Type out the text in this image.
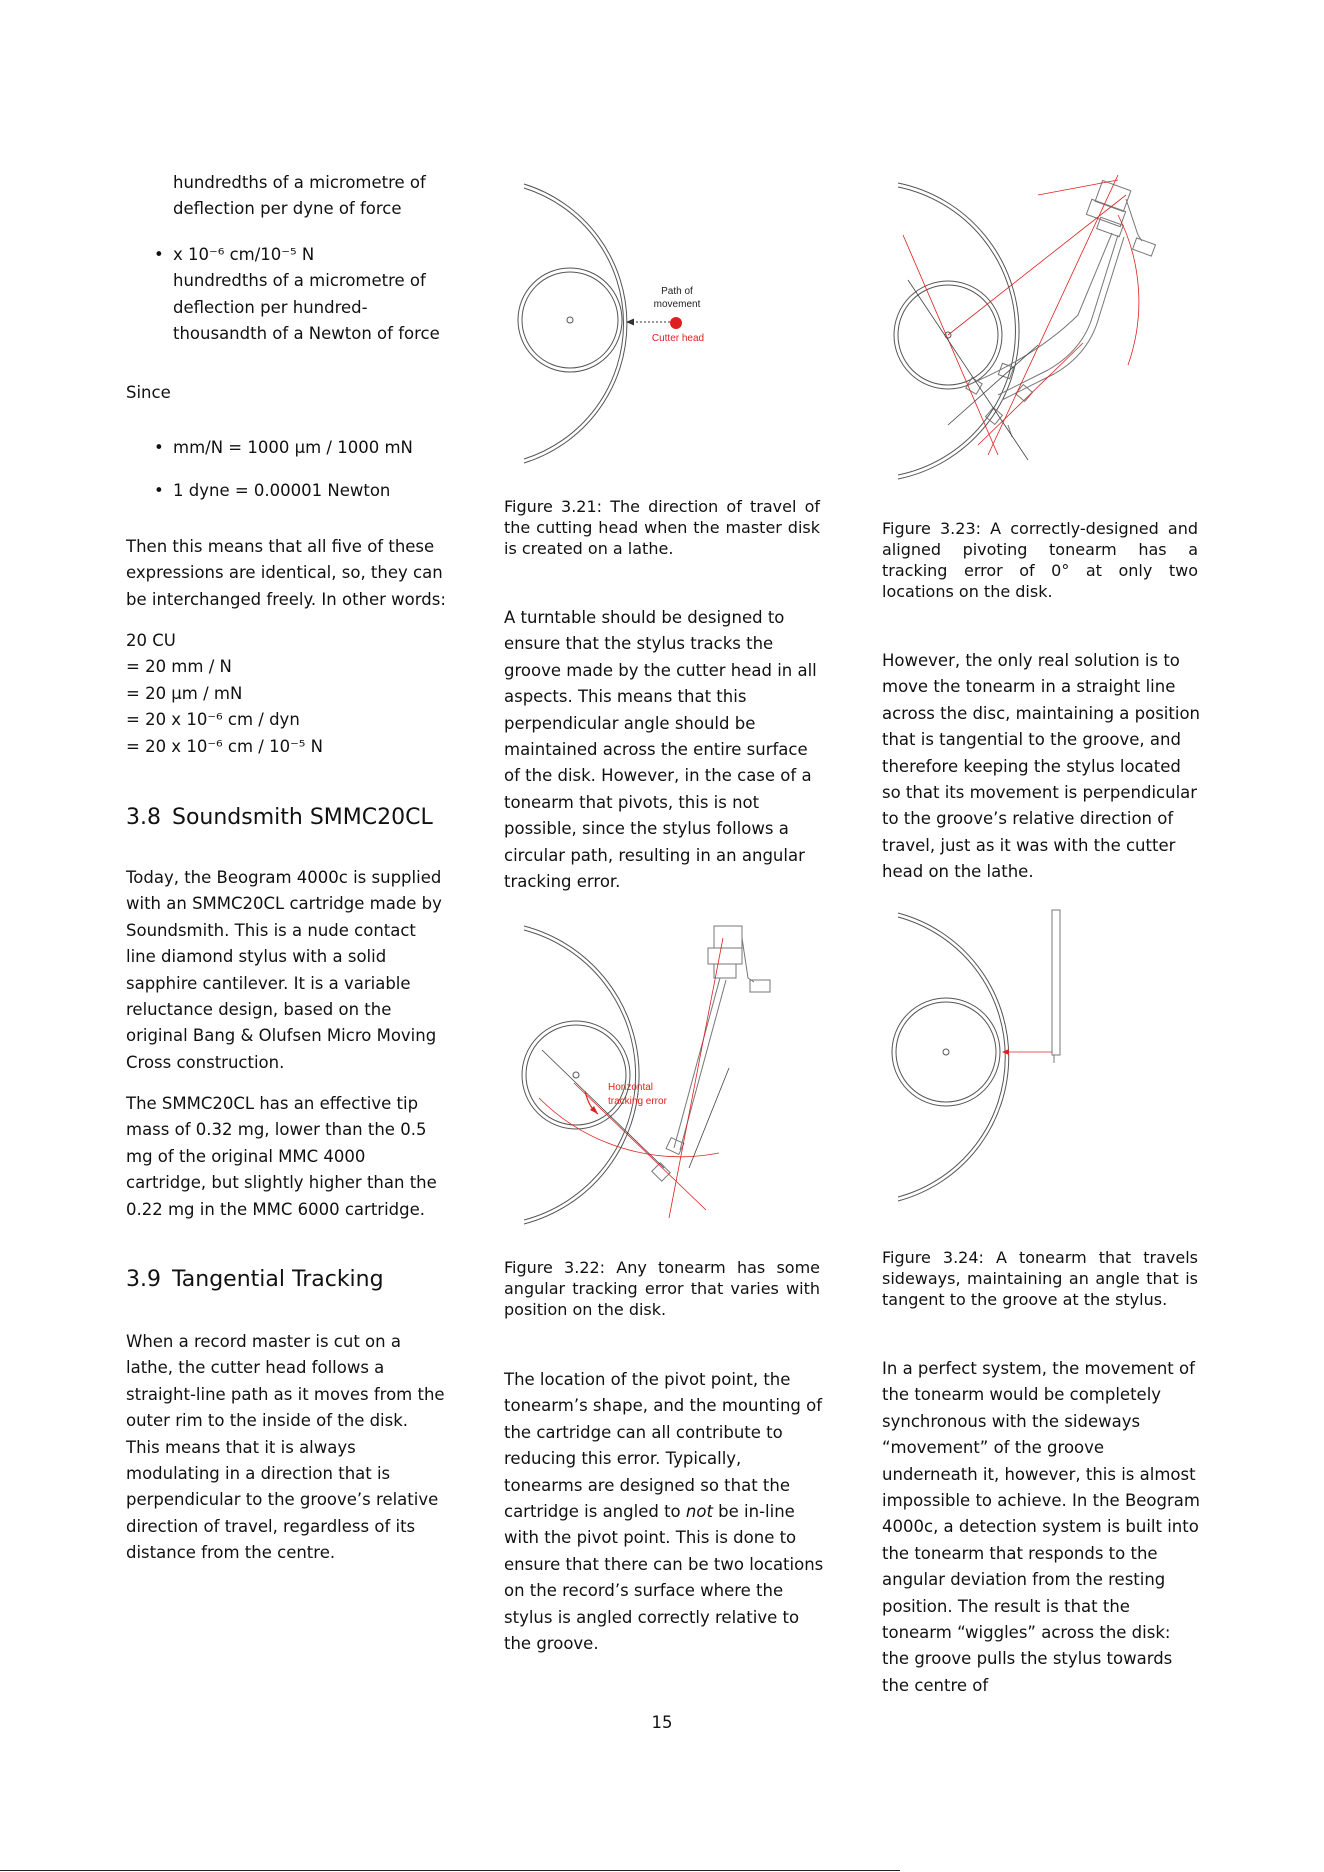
hundredths of a micrometre of deflection per dyne of force

• x 10⁻⁶ cm/10⁻⁵ N
hundredths of a micrometre of deflection per hundred-thousandth of a Newton of force

Since

• mm/N = 1000 μm / 1000 mN
• 1 dyne = 0.00001 Newton

Then this means that all five of these expressions are identical, so, they can be interchanged freely. In other words:

20 CU
= 20 mm / N
= 20 μm / mN
= 20 x 10⁻⁶ cm / dyn
= 20 x 10⁻⁶ cm / 10⁻⁵ N
3.8 Soundsmith SMMC20CL

Today, the Beogram 4000c is supplied with an SMMC20CL cartridge made by Soundsmith. This is a nude contact line diamond stylus with a solid sapphire cantilever. It is a variable reluctance design, based on the original Bang & Olufsen Micro Moving Cross construction.

The SMMC20CL has an effective tip mass of 0.32 mg, lower than the 0.5 mg of the original MMC 4000 cartridge, but slightly higher than the 0.22 mg in the MMC 6000 cartridge.

3.9 Tangential Tracking

When a record master is cut on a lathe, the cutter head follows a straight-line path as it moves from the outer rim to the inside of the disk. This means that it is always modulating in a direction that is perpendicular to the groove’s relative direction of travel, regardless of its distance from the centre.

Path of
movement
Cutter head

Figure 3.21: The direction of travel of the cutting head when the master disk is created on a lathe.

A turntable should be designed to ensure that the stylus tracks the groove made by the cutter head in all aspects. This means that this perpendicular angle should be maintained across the entire surface of the disk. However, in the case of a tonearm that pivots, this is not possible, since the stylus follows a circular path, resulting in an angular tracking error.

Horizontal
tracking error

Figure 3.22: Any tonearm has some angular tracking error that varies with position on the disk.

The location of the pivot point, the tonearm’s shape, and the mounting of the cartridge can all contribute to reducing this error. Typically, tonearms are designed so that the cartridge is angled to not be in-line with the pivot point. This is done to ensure that there can be two locations on the record’s surface where the stylus is angled correctly relative to the groove.

Figure 3.23: A correctly-designed and aligned pivoting tonearm has a tracking error of 0° at only two locations on the disk.

However, the only real solution is to move the tonearm in a straight line across the disc, maintaining a position that is tangential to the groove, and therefore keeping the stylus located so that its movement is perpendicular to the groove’s relative direction of travel, just as it was with the cutter head on the lathe.

Figure 3.24: A tonearm that travels sideways, maintaining an angle that is tangent to the groove at the stylus.

In a perfect system, the movement of the tonearm would be completely synchronous with the sideways “movement” of the groove underneath it, however, this is almost impossible to achieve. In the Beogram 4000c, a detection system is built into the tonearm that responds to the angular deviation from the resting position. The result is that the tonearm “wiggles” across the disk: the groove pulls the stylus towards the centre of

15
